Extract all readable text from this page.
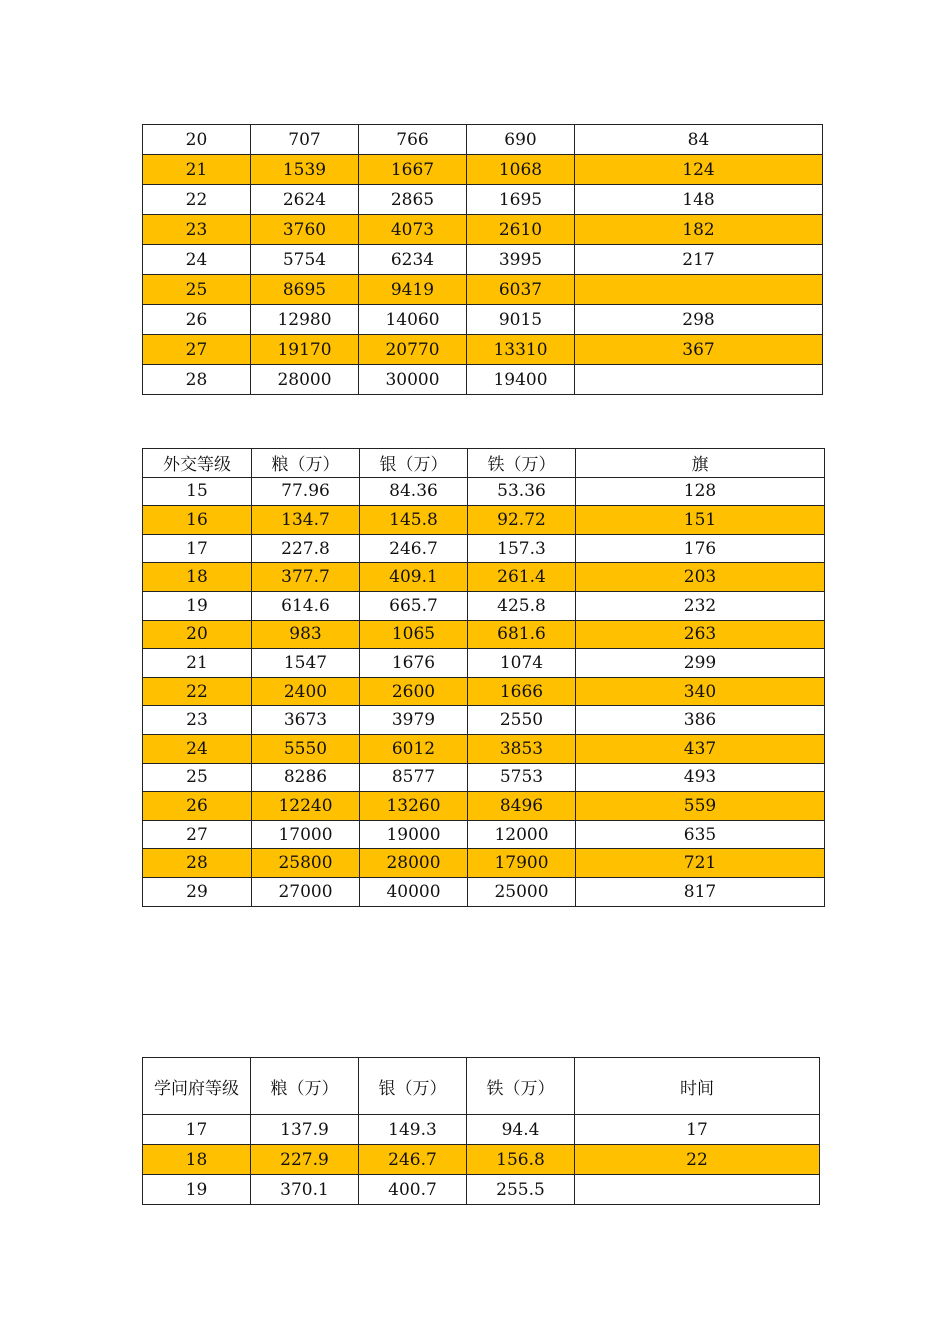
20	707	766	690	84
21	1539	1667	1068	124
22	2624	2865	1695	148
23	3760	4073	2610	182
24	5754	6234	3995	217
25	8695	9419	6037	
26	12980	14060	9015	298
27	19170	20770	13310	367
28	28000	30000	19400	
外交等级	粮（万）	银（万）	铁（万）	旗
15	77.96	84.36	53.36	128
16	134.7	145.8	92.72	151
17	227.8	246.7	157.3	176
18	377.7	409.1	261.4	203
19	614.6	665.7	425.8	232
20	983	1065	681.6	263
21	1547	1676	1074	299
22	2400	2600	1666	340
23	3673	3979	2550	386
24	5550	6012	3853	437
25	8286	8577	5753	493
26	12240	13260	8496	559
27	17000	19000	12000	635
28	25800	28000	17900	721
29	27000	40000	25000	817
学问府等级	粮（万）	银（万）	铁（万）	时间
17	137.9	149.3	94.4	17
18	227.9	246.7	156.8	22
19	370.1	400.7	255.5	
